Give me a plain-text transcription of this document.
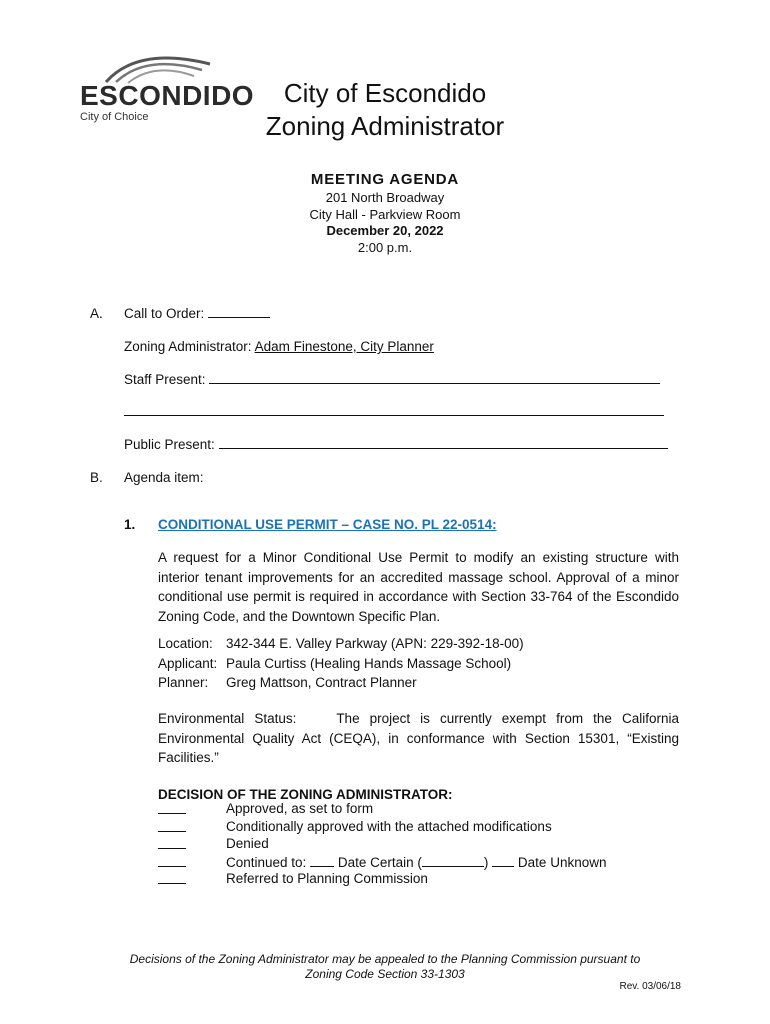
ESCONDIDO
City of Choice
City of Escondido
Zoning Administrator
MEETING AGENDA
201 North Broadway
City Hall - Parkview Room
December 20, 2022
2:00 p.m.
A. Call to Order:
Zoning Administrator: Adam Finestone, City Planner
Staff Present:
Public Present:
B. Agenda item:
1. CONDITIONAL USE PERMIT – CASE NO. PL 22-0514:
A request for a Minor Conditional Use Permit to modify an existing structure with interior tenant improvements for an accredited massage school. Approval of a minor conditional use permit is required in accordance with Section 33-764 of the Escondido Zoning Code, and the Downtown Specific Plan.
Location: 342-344 E. Valley Parkway (APN: 229-392-18-00)
Applicant: Paula Curtiss (Healing Hands Massage School)
Planner:	Greg Mattson, Contract Planner
Environmental Status:	The project is currently exempt from the California Environmental Quality Act (CEQA), in conformance with Section 15301, “Existing Facilities.”
DECISION OF THE ZONING ADMINISTRATOR:
Approved, as set to form
Conditionally approved with the attached modifications
Denied
Continued to: Date Certain (	) Date Unknown
Referred to Planning Commission
Decisions of the Zoning Administrator may be appealed to the Planning Commission pursuant to
Zoning Code Section 33-1303
Rev. 03/06/18
